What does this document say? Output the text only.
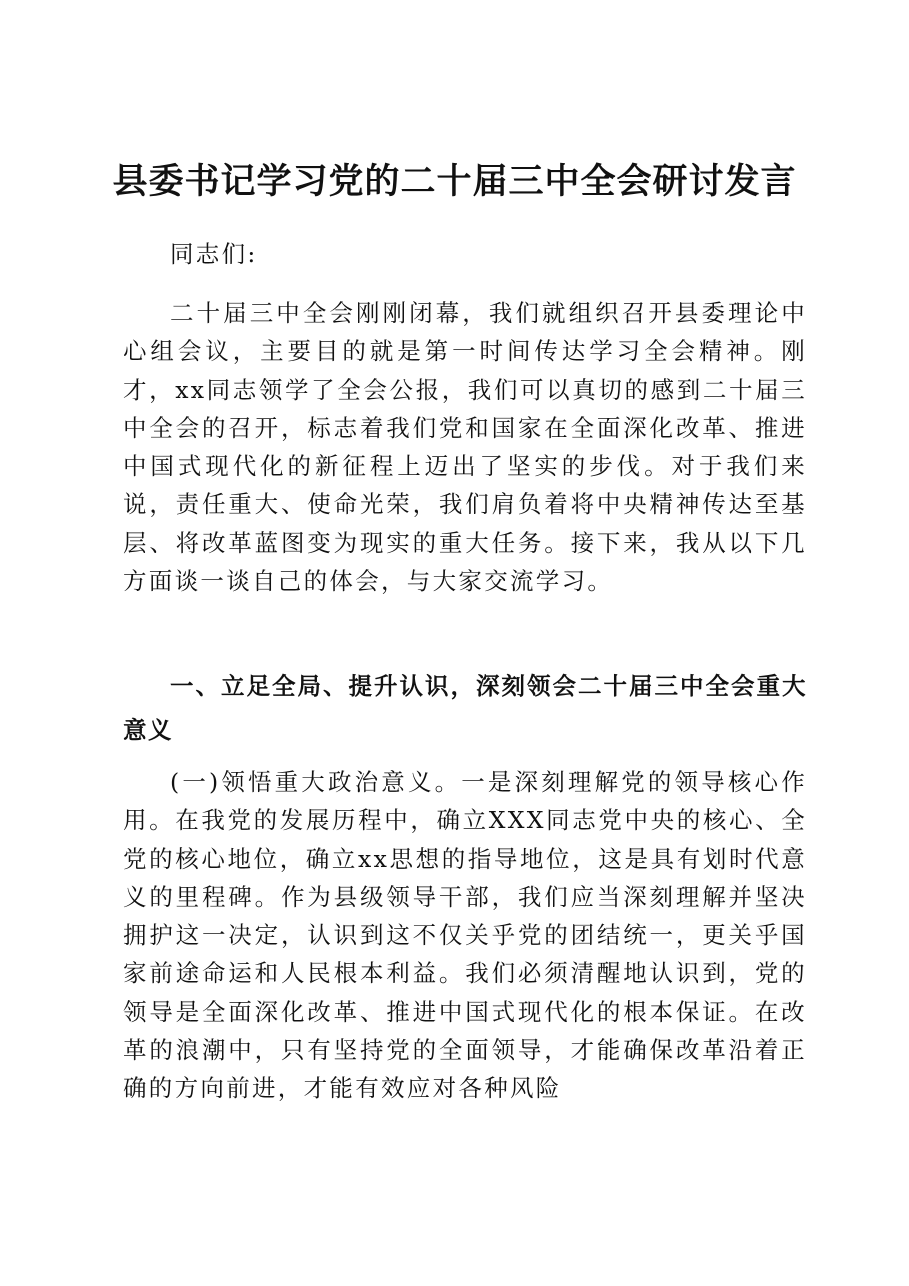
县委书记学习党的二十届三中全会研讨发言

同志们:

二十届三中全会刚刚闭幕，我们就组织召开县委理论中心组会议，主要目的就是第一时间传达学习全会精神。刚才，xx同志领学了全会公报，我们可以真切的感到二十届三中全会的召开，标志着我们党和国家在全面深化改革、推进中国式现代化的新征程上迈出了坚实的步伐。对于我们来说，责任重大、使命光荣，我们肩负着将中央精神传达至基层、将改革蓝图变为现实的重大任务。接下来，我从以下几方面谈一谈自己的体会，与大家交流学习。

一、立足全局、提升认识，深刻领会二十届三中全会重大意义

(一)领悟重大政治意义。一是深刻理解党的领导核心作用。在我党的发展历程中，确立XXX同志党中央的核心、全党的核心地位，确立xx思想的指导地位，这是具有划时代意义的里程碑。作为县级领导干部，我们应当深刻理解并坚决拥护这一决定，认识到这不仅关乎党的团结统一，更关乎国家前途命运和人民根本利益。我们必须清醒地认识到，党的领导是全面深化改革、推进中国式现代化的根本保证。在改革的浪潮中，只有坚持党的全面领导，才能确保改革沿着正确的方向前进，才能有效应对各种风险
